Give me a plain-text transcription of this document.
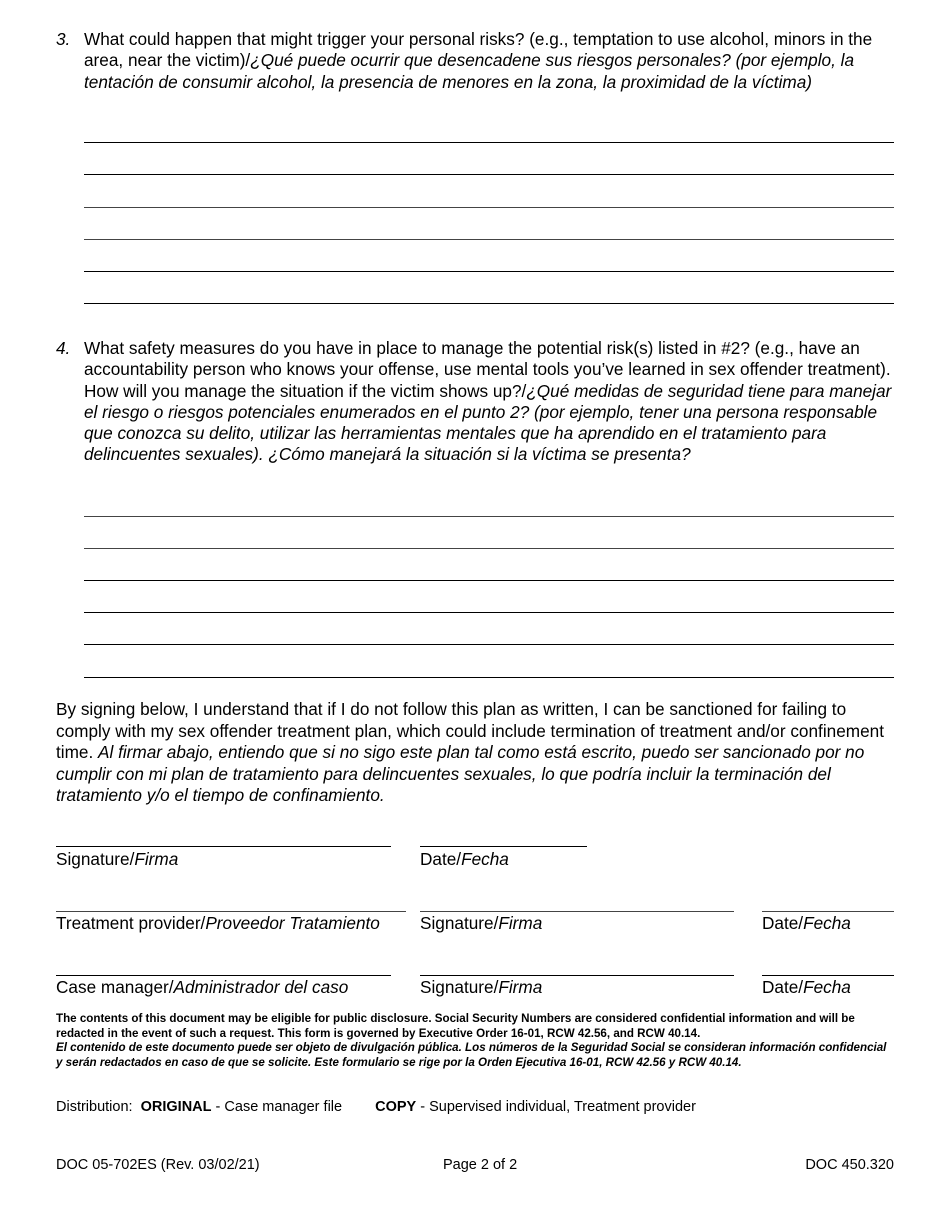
3. What could happen that might trigger your personal risks? (e.g., temptation to use alcohol, minors in the area, near the victim)/¿Qué puede ocurrir que desencadene sus riesgos personales? (por ejemplo, la tentación de consumir alcohol, la presencia de menores en la zona, la proximidad de la víctima)
4. What safety measures do you have in place to manage the potential risk(s) listed in #2? (e.g., have an accountability person who knows your offense, use mental tools you’ve learned in sex offender treatment). How will you manage the situation if the victim shows up?/¿Qué medidas de seguridad tiene para manejar el riesgo o riesgos potenciales enumerados en el punto 2? (por ejemplo, tener una persona responsable que conozca su delito, utilizar las herramientas mentales que ha aprendido en el tratamiento para delincuentes sexuales). ¿Cómo manejará la situación si la víctima se presenta?
By signing below, I understand that if I do not follow this plan as written, I can be sanctioned for failing to comply with my sex offender treatment plan, which could include termination of treatment and/or confinement time. Al firmar abajo, entiendo que si no sigo este plan tal como está escrito, puedo ser sancionado por no cumplir con mi plan de tratamiento para delincuentes sexuales, lo que podría incluir la terminación del tratamiento y/o el tiempo de confinamiento.
Signature/Firma	Date/Fecha
Treatment provider/Proveedor Tratamiento Signature/Firma	Date/Fecha
Case manager/Administrador del caso	Signature/Firma	Date/Fecha
The contents of this document may be eligible for public disclosure. Social Security Numbers are considered confidential information and will be redacted in the event of such a request. This form is governed by Executive Order 16-01, RCW 42.56, and RCW 40.14.
El contenido de este documento puede ser objeto de divulgación pública. Los números de la Seguridad Social se consideran información confidencial y serán redactados en caso de que se solicite. Este formulario se rige por la Orden Ejecutiva 16-01, RCW 42.56 y RCW 40.14.
Distribution: ORIGINAL - Case manager file COPY - Supervised individual, Treatment provider
DOC 05-702ES (Rev. 03/02/21)	Page 2 of 2	DOC 450.320
